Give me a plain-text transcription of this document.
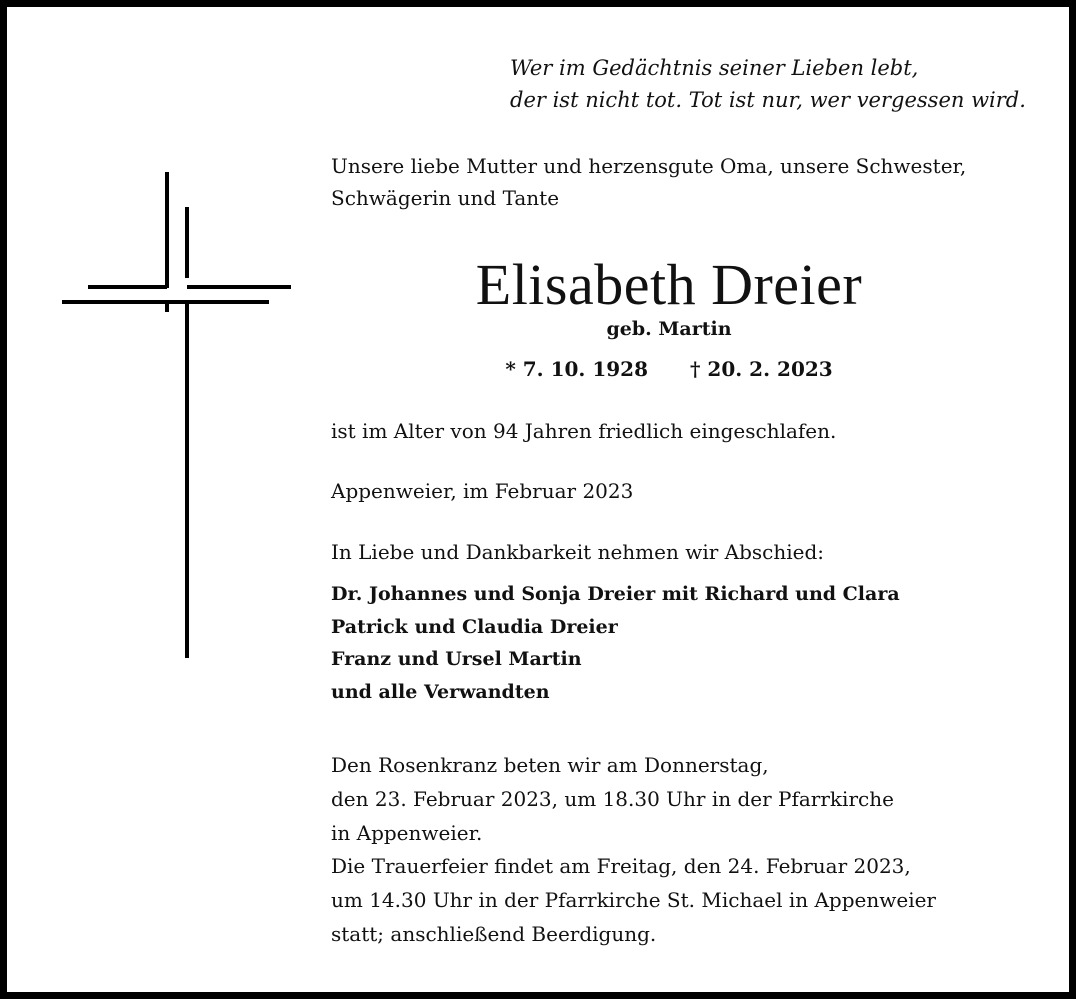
Wer im Gedächtnis seiner Lieben lebt,
der ist nicht tot. Tot ist nur, wer vergessen wird.
Unsere liebe Mutter und herzensgute Oma, unsere Schwester,
Schwägerin und Tante
Elisabeth Dreier
geb. Martin
* 7. 10. 1928 † 20. 2. 2023
ist im Alter von 94 Jahren friedlich eingeschlafen.
Appenweier, im Februar 2023
In Liebe und Dankbarkeit nehmen wir Abschied:
Dr. Johannes und Sonja Dreier mit Richard und Clara
Patrick und Claudia Dreier
Franz und Ursel Martin
und alle Verwandten
Den Rosenkranz beten wir am Donnerstag,
den 23. Februar 2023, um 18.30 Uhr in der Pfarrkirche
in Appenweier.
Die Trauerfeier findet am Freitag, den 24. Februar 2023,
um 14.30 Uhr in der Pfarrkirche St. Michael in Appenweier
statt; anschließend Beerdigung.
